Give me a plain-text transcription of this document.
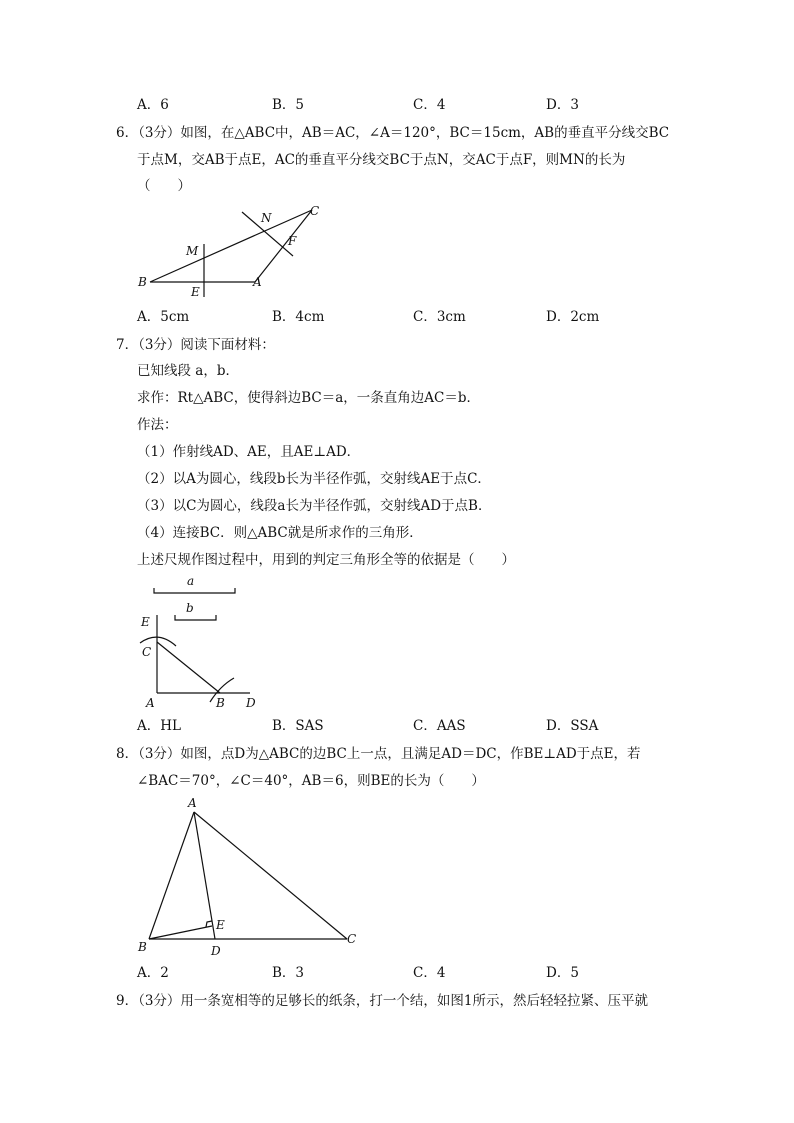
A．6	B．5	C．4	D．3
6．（3分）如图，在△ABC中，AB＝AC，∠A＝120°，BC＝15cm，AB的垂直平分线交BC
于点M，交AB于点E，AC的垂直平分线交BC于点N，交AC于点F，则MN的长为
（　　）
B
E
A
M
N	C
F
A．5cm	B．4cm	C．3cm	D．2cm
7．（3分）阅读下面材料：
已知线段 a，b．
求作：Rt△ABC，使得斜边BC＝a，一条直角边AC＝b．
作法：
（1）作射线AD、AE，且AE⊥AD．
（2）以A为圆心，线段b长为半径作弧，交射线AE于点C．
（3）以C为圆心，线段a长为半径作弧，交射线AD于点B．
（4）连接BC．则△ABC就是所求作的三角形．
上述尺规作图过程中，用到的判定三角形全等的依据是（　　）
a
b
E
C
A	B D
A．HL	B．SAS	C．AAS	D．SSA
8．（3分）如图，点D为△ABC的边BC上一点，且满足AD＝DC，作BE⊥AD于点E，若
∠BAC＝70°，∠C＝40°，AB＝6，则BE的长为（　　）
A
B	D
E
C
A．2	B．3	C．4	D．5
9．（3分）用一条宽相等的足够长的纸条，打一个结，如图1所示，然后轻轻拉紧、压平就
